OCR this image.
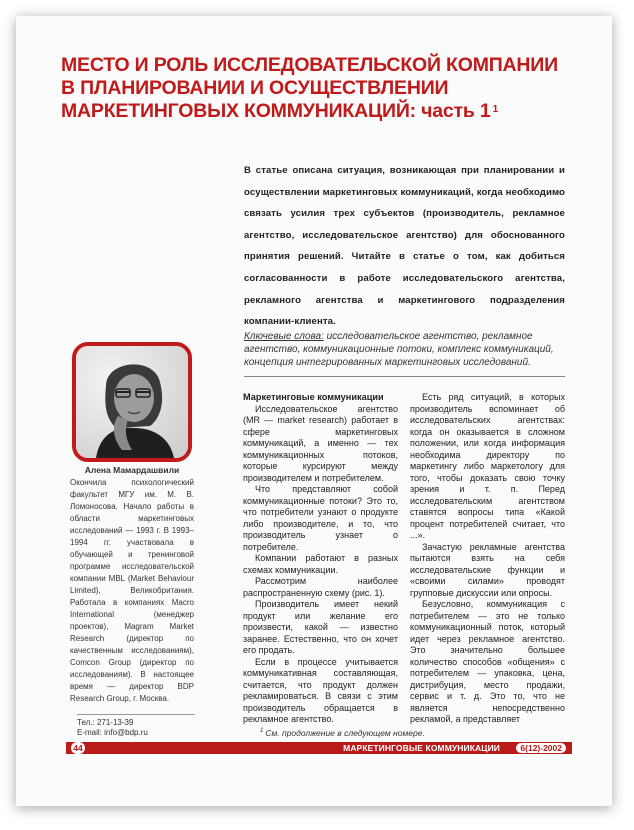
МЕСТО И РОЛЬ ИССЛЕДОВАТЕЛЬСКОЙ КОМПАНИИ В ПЛАНИРОВАНИИ И ОСУЩЕСТВЛЕНИИ МАРКЕТИНГОВЫХ КОММУНИКАЦИЙ: часть 1 $^1$
В статье описана ситуация, возникающая при планировании и осуществлении маркетинговых коммуникаций, когда необходимо связать усилия трех субъектов (производитель, рекламное агентство, исследовательское агентство) для обоснованного принятия решений. Читайте в статье о том, как добиться согласованности в работе исследовательского агентства, рекламного агентства и маркетингового подразделения компании-клиента.
Ключевые слова: исследовательское агентство, рекламное агентство, коммуникационные потоки, комплекс коммуникаций, концепция интегрированных маркетинговых исследований.
Алена Мамардашвили
Окончила психологический факультет МГУ им. М. В. Ломоносова. Начало работы в области маркетинговых исследований — 1993 г. В 1993–1994 гг. участвовала в обучающей и тренинговой программе исследовательской компании MBL (Market Behaviour Limited), Великобритания. Работала в компаниях Macro International (менеджер проектов), Magram Market Research (директор по качественным исследованиям), Comcon Group (директор по исследованиям). В настоящее время — директор BDP Research Group, г. Москва.
Тел.: 271-13-39
E-mail: info@bdp.ru

Маркетинговые коммуникации

Исследовательское агентство (MR — market research) работает в сфере маркетинговых коммуникаций, а именно — тех коммуникационных потоков, которые курсируют между производителем и потребителем.

Что представляют собой коммуникационные потоки? Это то, что потребители узнают о продукте либо производителе, и то, что производитель узнает о потребителе.

Компании работают в разных схемах коммуникации.

Рассмотрим наиболее распространенную схему (рис. 1).

Производитель имеет некий продукт или желание его произвести, какой — известно заранее. Естественно, что он хочет его продать.

Если в процессе учитывается коммуникативная составляющая, считается, что продукт должен рекламироваться. В связи с этим производитель обращается в рекламное агентство.

Есть ряд ситуаций, в которых производитель вспоминает об исследовательских агентствах: когда он оказывается в сложном положении, или когда информация необходима директору по маркетингу либо маркетологу для того, чтобы доказать свою точку зрения и т. п. Перед исследовательским агентством ставятся вопросы типа «Какой процент потребителей считает, что ...».

Зачастую рекламные агентства пытаются взять на себя исследовательские функции и «своими силами» проводят групповые дискуссии или опросы.

Безусловно, коммуникация с потребителем — это не только коммуникационный поток, который идет через рекламное агентство. Это значительно большее количество способов «общения» с потребителем — упаковка, цена, дистрибуция, место продажи, сервис и т. д. Это то, что не является непосредственно рекламой, а представляет

$^1$ См. продолжение в следующем номере.
МАРКЕТИНГОВЫЕ КОММУНИКАЦИИ	6(12)-2002
44
